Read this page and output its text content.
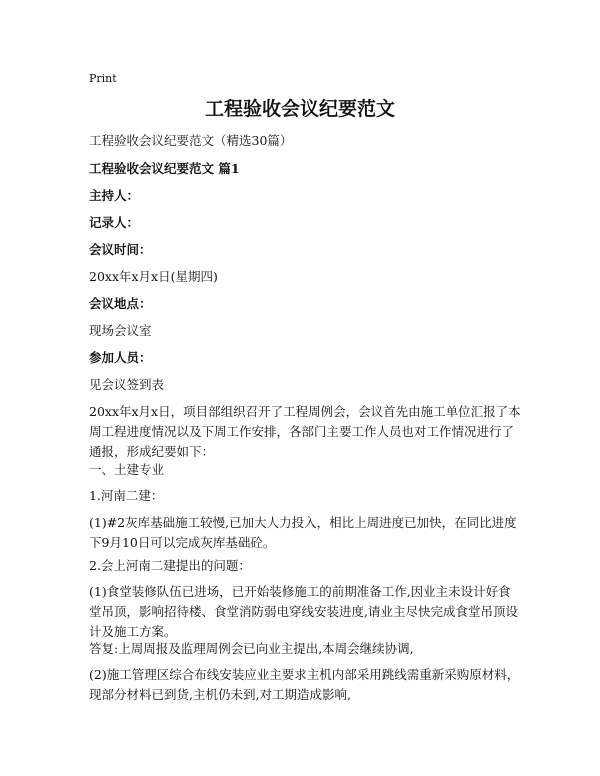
Print

工程验收会议纪要范文

工程验收会议纪要范文（精选30篇）

工程验收会议纪要范文 篇1

主持人：

记录人：

会议时间：

20xx年x月x日(星期四)

会议地点：

现场会议室

参加人员：

见会议签到表

20xx年x月x日，项目部组织召开了工程周例会，会议首先由施工单位汇报了本周工程进度情况以及下周工作安排，各部门主要工作人员也对工作情况进行了通报，形成纪要如下：

一、土建专业

1.河南二建：

(1)#2灰库基础施工较慢,已加大人力投入，相比上周进度已加快，在同比进度下9月10日可以完成灰库基础砼。

2.会上河南二建提出的问题：

(1)食堂装修队伍已进场，已开始装修施工的前期准备工作,因业主未设计好食堂吊顶，影响招待楼、食堂消防弱电穿线安装进度,请业主尽快完成食堂吊顶设计及施工方案。

答复:上周周报及监理周例会已向业主提出,本周会继续协调,

(2)施工管理区综合布线安装应业主要求主机内部采用跳线需重新采购原材料，现部分材料已到货,主机仍未到,对工期造成影响,
